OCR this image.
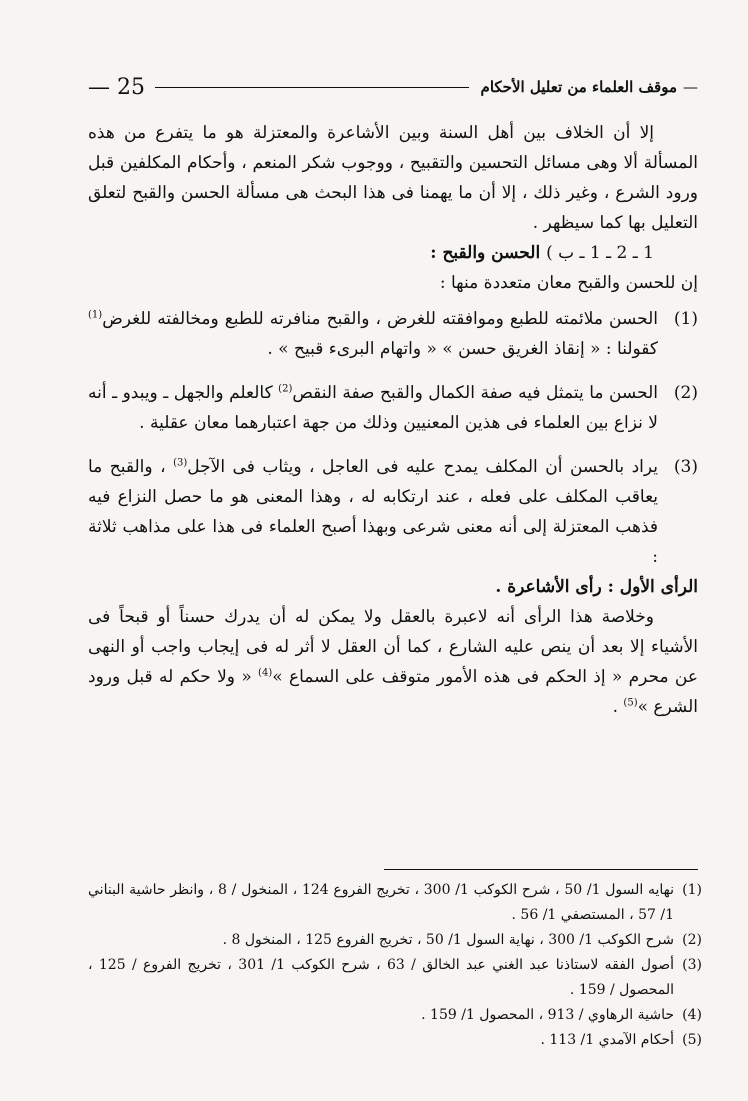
—
موقف العلماء من تعليل الأحكام
25 —

إلا أن الخلاف بين أهل السنة وبين الأشاعرة والمعتزلة هو ما يتفرع من هذه المسألة ألا وهى مسائل التحسين والتقبيح ، ووجوب شكر المنعم ، وأحكام المكلفين قبل ورود الشرع ، وغير ذلك ، إلا أن ما يهمنا فى هذا البحث هى مسألة الحسن والقبح لتعلق التعليل بها كما سيظهر .

1 ـ 2 ـ 1 ـ ب ) الحسن والقبح :

إن للحسن والقبح معان متعددة منها :

(1)
الحسن ملائمته للطبع وموافقته للغرض ، والقبح منافرته للطبع ومخالفته للغرض$^{(1)}$ كقولنا : « إنقاذ الغريق حسن » « واتهام البرىء قبيح » .
(2)
الحسن ما يتمثل فيه صفة الكمال والقبح صفة النقص$^{(2)}$ كالعلم والجهل ـ ويبدو ـ أنه لا نزاع بين العلماء فى هذين المعنيين وذلك من جهة اعتبارهما معان عقلية .
(3)
يراد بالحسن أن المكلف يمدح عليه فى العاجل ، ويثاب فى الآجل$^{(3)}$ ، والقبح ما يعاقب المكلف على فعله ، عند ارتكابه له ، وهذا المعنى هو ما حصل النزاع فيه فذهب المعتزلة إلى أنه معنى شرعى وبهذا أصبح العلماء فى هذا على مذاهب ثلاثة :

الرأى الأول : رأى الأشاعرة .

وخلاصة هذا الرأى أنه لاعبرة بالعقل ولا يمكن له أن يدرك حسناً أو قبحاً فى الأشياء إلا بعد أن ينص عليه الشارع ، كما أن العقل لا أثر له فى إيجاب واجب أو النهى عن محرم « إذ الحكم فى هذه الأمور متوقف على السماع »$^{(4)}$ « ولا حكم له قبل ورود الشرع »$^{(5)}$ .

(1)
نهايه السول 1/ 50 ، شرح الكوكب 1/ 300 ، تخريج الفروع 124 ، المنخول / 8 ، وانظر حاشية البناني 1/ 57 ، المستصفي 1/ 56 .
(2)
شرح الكوكب 1/ 300 ، نهاية السول 1/ 50 ، تخريج الفروع 125 ، المنخول 8 .
(3)
أصول الفقه لاستاذنا عبد الغني عبد الخالق / 63 ، شرح الكوكب 1/ 301 ، تخريج الفروع / 125 ، المحصول / 159 .
(4)
حاشية الرهاوي / 913 ، المحصول 1/ 159 .
(5)
أحكام الآمدي 1/ 113 .
